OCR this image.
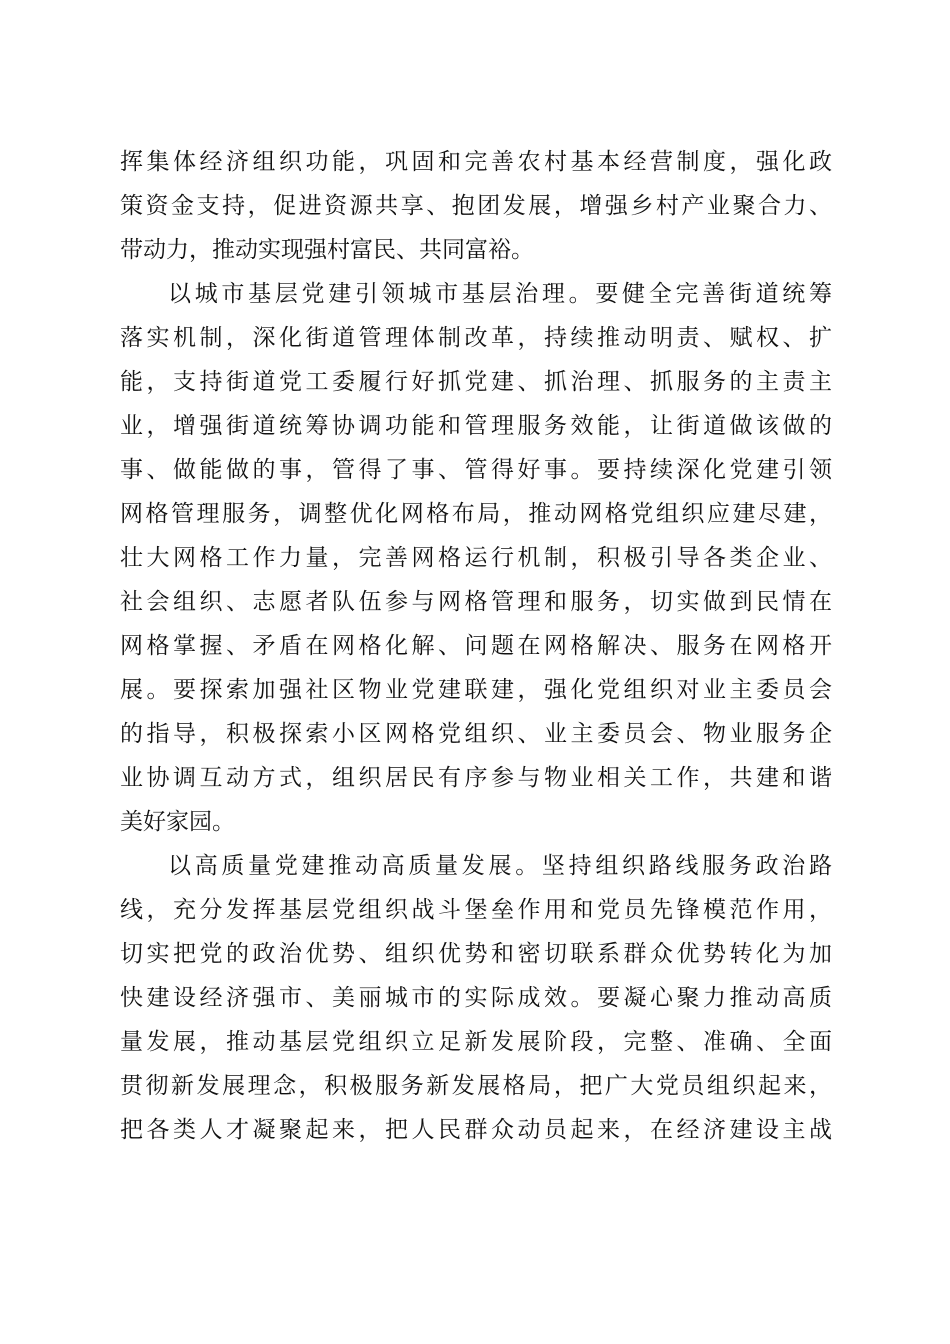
挥集体经济组织功能，巩固和完善农村基本经营制度，强化政
策资金支持，促进资源共享、抱团发展，增强乡村产业聚合力、
带动力，推动实现强村富民、共同富裕。
以城市基层党建引领城市基层治理。要健全完善街道统筹
落实机制，深化街道管理体制改革，持续推动明责、赋权、扩
能，支持街道党工委履行好抓党建、抓治理、抓服务的主责主
业，增强街道统筹协调功能和管理服务效能，让街道做该做的
事、做能做的事，管得了事、管得好事。要持续深化党建引领
网格管理服务，调整优化网格布局，推动网格党组织应建尽建，
壮大网格工作力量，完善网格运行机制，积极引导各类企业、
社会组织、志愿者队伍参与网格管理和服务，切实做到民情在
网格掌握、矛盾在网格化解、问题在网格解决、服务在网格开
展。要探索加强社区物业党建联建，强化党组织对业主委员会
的指导，积极探索小区网格党组织、业主委员会、物业服务企
业协调互动方式，组织居民有序参与物业相关工作，共建和谐
美好家园。
以高质量党建推动高质量发展。坚持组织路线服务政治路
线，充分发挥基层党组织战斗堡垒作用和党员先锋模范作用，
切实把党的政治优势、组织优势和密切联系群众优势转化为加
快建设经济强市、美丽城市的实际成效。要凝心聚力推动高质
量发展，推动基层党组织立足新发展阶段，完整、准确、全面
贯彻新发展理念，积极服务新发展格局，把广大党员组织起来，
把各类人才凝聚起来，把人民群众动员起来，在经济建设主战
